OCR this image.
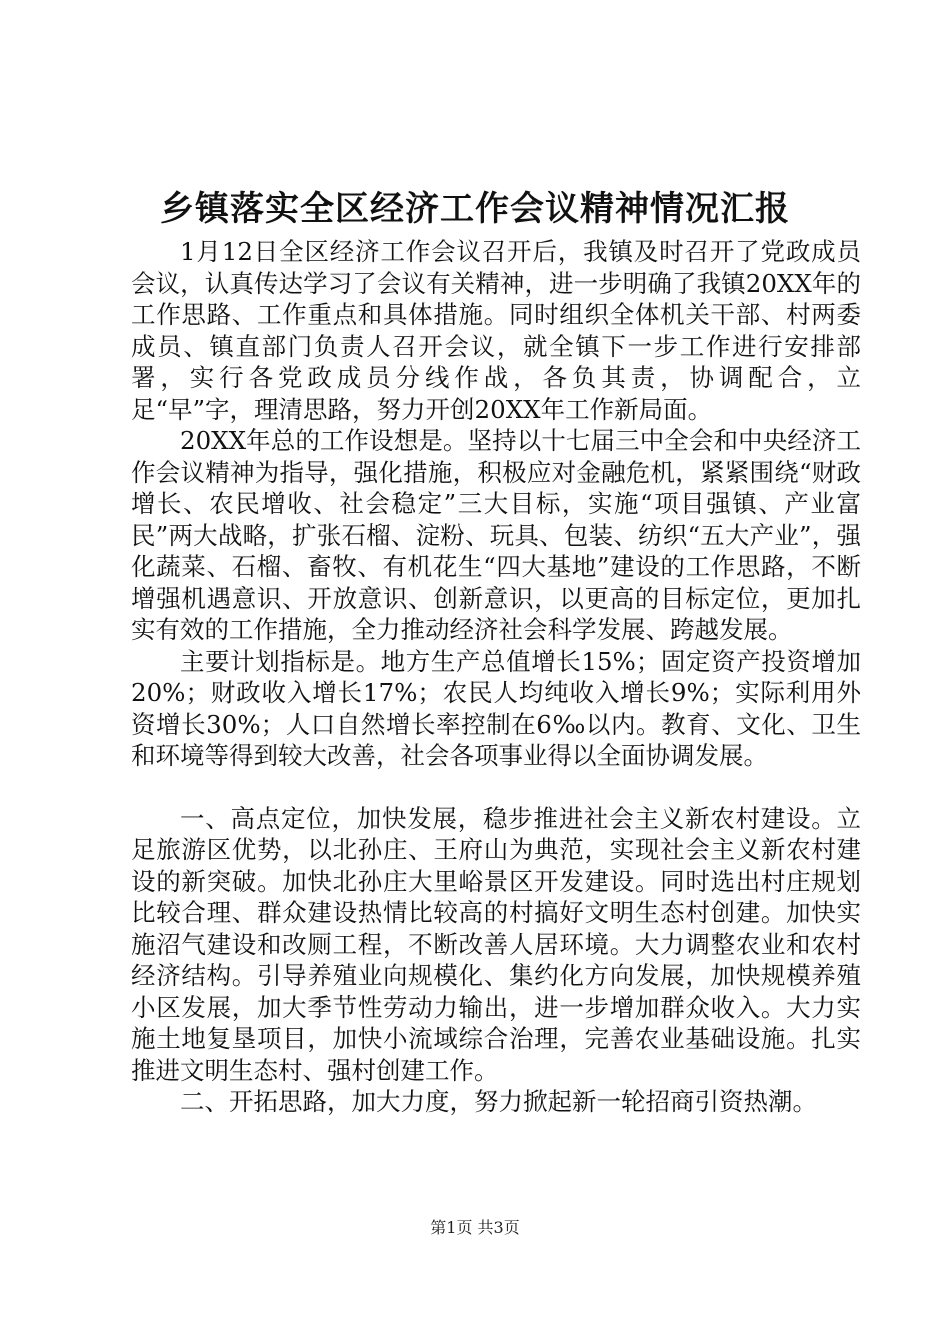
乡镇落实全区经济工作会议精神情况汇报

1月12日全区经济工作会议召开后，我镇及时召开了党政成员会议，认真传达学习了会议有关精神，进一步明确了我镇20XX年的工作思路、工作重点和具体措施。同时组织全体机关干部、村两委成员、镇直部门负责人召开会议，就全镇下一步工作进行安排部署，实行各党政成员分线作战，各负其责，协调配合，立足“早”字，理清思路，努力开创20XX年工作新局面。

20XX年总的工作设想是。坚持以十七届三中全会和中央经济工作会议精神为指导，强化措施，积极应对金融危机，紧紧围绕“财政增长、农民增收、社会稳定”三大目标，实施“项目强镇、产业富民”两大战略，扩张石榴、淀粉、玩具、包装、纺织“五大产业”，强化蔬菜、石榴、畜牧、有机花生“四大基地”建设的工作思路，不断增强机遇意识、开放意识、创新意识，以更高的目标定位，更加扎实有效的工作措施，全力推动经济社会科学发展、跨越发展。

主要计划指标是。地方生产总值增长15%；固定资产投资增加20%；财政收入增长17%；农民人均纯收入增长9%；实际利用外资增长30%；人口自然增长率控制在6‰以内。教育、文化、卫生和环境等得到较大改善，社会各项事业得以全面协调发展。

一、高点定位，加快发展，稳步推进社会主义新农村建设。立足旅游区优势，以北孙庄、王府山为典范，实现社会主义新农村建设的新突破。加快北孙庄大里峪景区开发建设。同时选出村庄规划比较合理、群众建设热情比较高的村搞好文明生态村创建。加快实施沼气建设和改厕工程，不断改善人居环境。大力调整农业和农村经济结构。引导养殖业向规模化、集约化方向发展，加快规模养殖小区发展，加大季节性劳动力输出，进一步增加群众收入。大力实施土地复垦项目，加快小流域综合治理，完善农业基础设施。扎实推进文明生态村、强村创建工作。

二、开拓思路，加大力度，努力掀起新一轮招商引资热潮。

第1页 共3页
